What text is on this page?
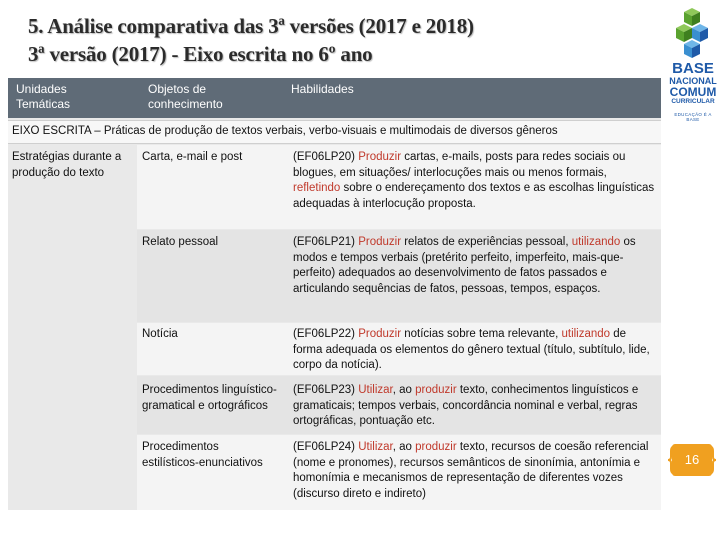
5. Análise comparativa das 3ª versões (2017 e 2018)
3ª versão (2017) - Eixo escrita no 6º ano
BASE
NACIONAL
COMUM
CURRICULAR
EDUCAÇÃO É A BASE
Unidades Temáticas
Objetos de conhecimento
Habilidades
EIXO ESCRITA – Práticas de produção de textos verbais, verbo-visuais e multimodais de diversos gêneros
Estratégias durante a produção do texto
Carta, e-mail e post
Relato pessoal
Notícia
Procedimentos linguístico-gramatical e ortográficos
Procedimentos estilísticos-enunciativos
(EF06LP20) Produzir cartas, e-mails, posts para redes sociais ou blogues, em situações/ interlocuções mais ou menos formais, refletindo sobre o endereçamento dos textos e as escolhas linguísticas adequadas à interlocução proposta.
(EF06LP21) Produzir relatos de experiências pessoal, utilizando os modos e tempos verbais (pretérito perfeito, imperfeito, mais-que-perfeito) adequados ao desenvolvimento de fatos passados e articulando sequências de fatos, pessoas, tempos, espaços.
(EF06LP22) Produzir notícias sobre tema relevante, utilizando de forma adequada os elementos do gênero textual (título, subtítulo, lide, corpo da notícia).
(EF06LP23) Utilizar, ao produzir texto, conhecimentos linguísticos e gramaticais; tempos verbais, concordância nominal e verbal, regras ortográficas, pontuação etc.
(EF06LP24) Utilizar, ao produzir texto, recursos de coesão referencial (nome e pronomes), recursos semânticos de sinonímia, antonímia e homonímia e mecanismos de representação de diferentes vozes (discurso direto e indireto)
16
